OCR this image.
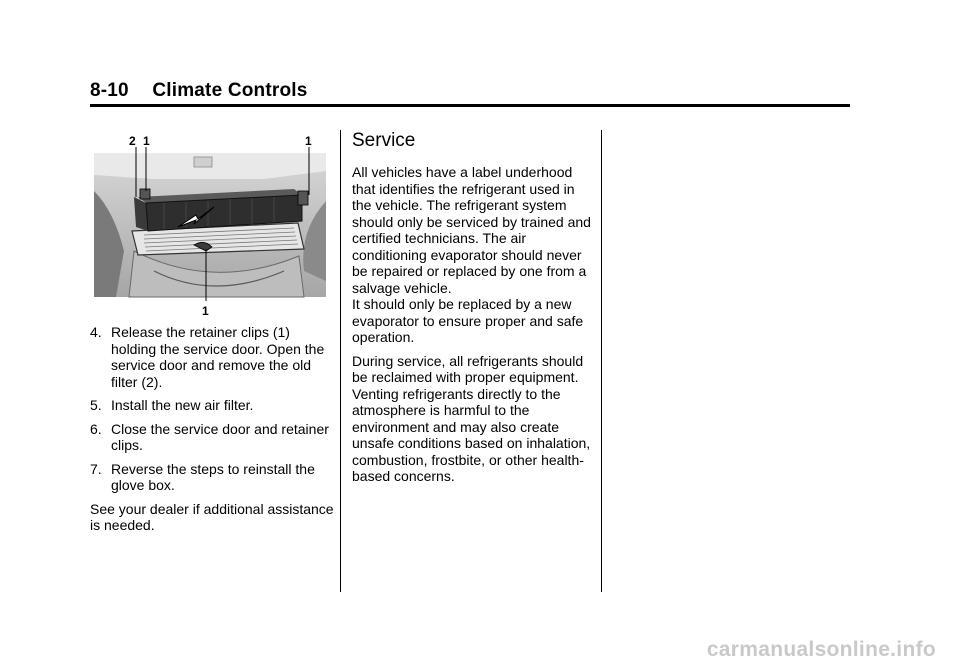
8-10 Climate Controls
2 1	1
1
4. Release the retainer clips (1) holding the service door. Open the service door and remove the old filter (2).
5. Install the new air filter.
6. Close the service door and retainer clips.
7. Reverse the steps to reinstall the glove box.
See your dealer if additional assistance is needed.
Service

All vehicles have a label underhood that identifies the refrigerant used in the vehicle. The refrigerant system should only be serviced by trained and certified technicians. The air conditioning evaporator should never be repaired or replaced by one from a salvage vehicle.
It should only be replaced by a new evaporator to ensure proper and safe operation.

During service, all refrigerants should be reclaimed with proper equipment. Venting refrigerants directly to the atmosphere is harmful to the environment and may also create unsafe conditions based on inhalation, combustion, frostbite, or other health-based concerns.

carmanualsonline.info
